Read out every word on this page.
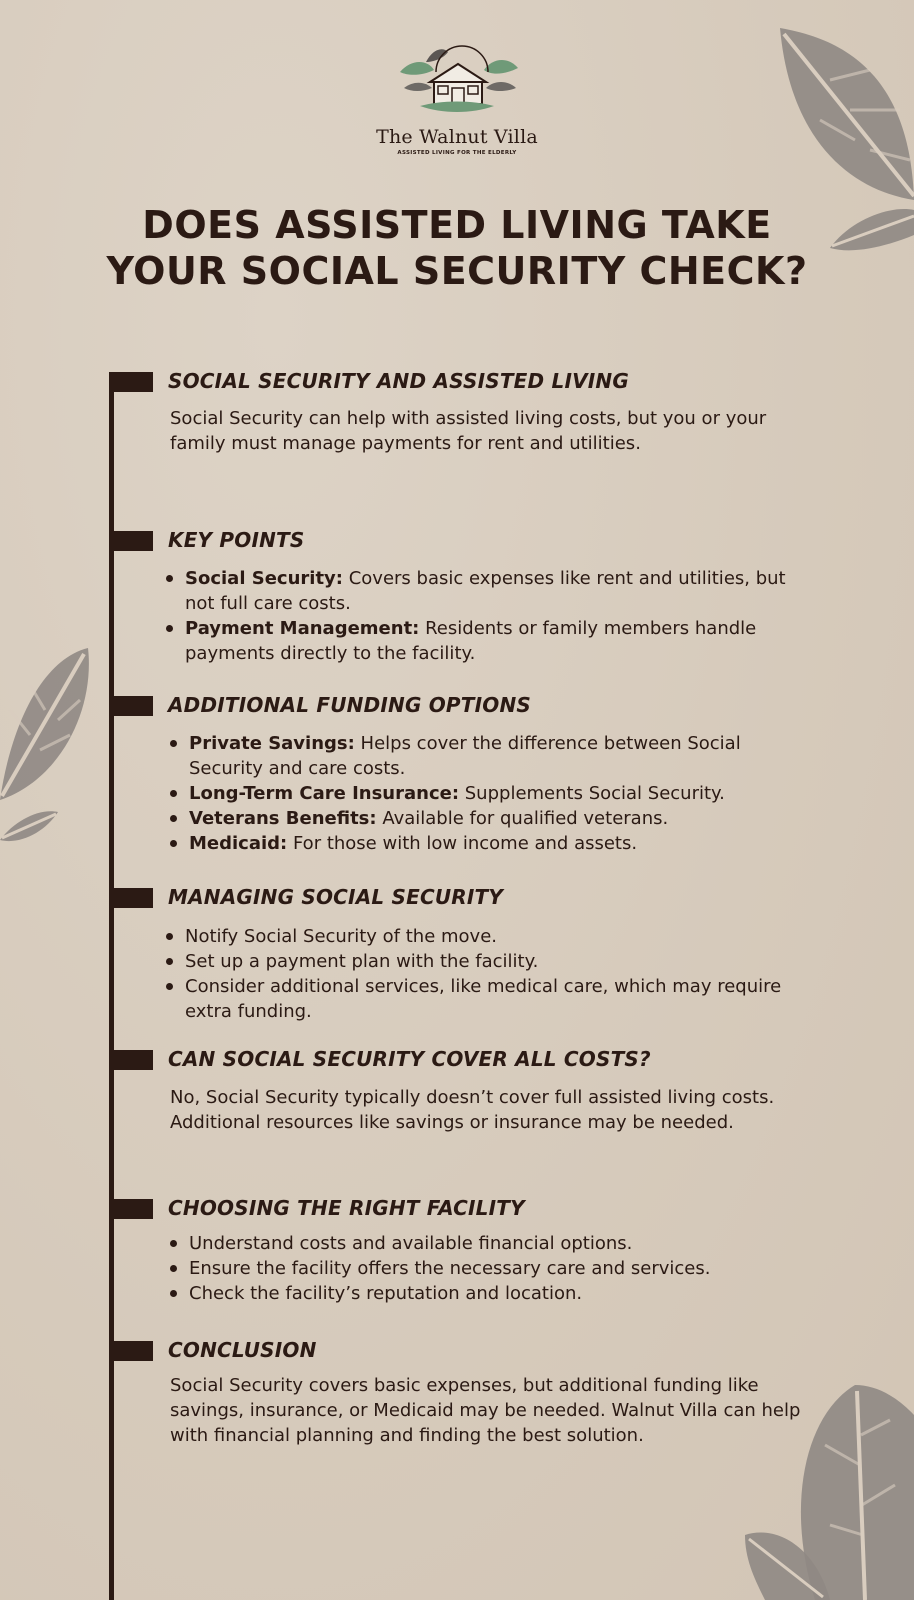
The Walnut Villa
ASSISTED LIVING FOR THE ELDERLY
DOES ASSISTED LIVING TAKE YOUR SOCIAL SECURITY CHECK?
SOCIAL SECURITY AND ASSISTED LIVING

Social Security can help with assisted living costs, but you or your family must manage payments for rent and utilities.

KEY POINTS
Social Security: Covers basic expenses like rent and utilities, but not full care costs.
Payment Management: Residents or family members handle payments directly to the facility.
ADDITIONAL FUNDING OPTIONS
Private Savings: Helps cover the difference between Social Security and care costs.
Long-Term Care Insurance: Supplements Social Security.
Veterans Benefits: Available for qualified veterans.
Medicaid: For those with low income and assets.
MANAGING SOCIAL SECURITY
Notify Social Security of the move.
Set up a payment plan with the facility.
Consider additional services, like medical care, which may require extra funding.
CAN SOCIAL SECURITY COVER ALL COSTS?

No, Social Security typically doesn’t cover full assisted living costs. Additional resources like savings or insurance may be needed.

CHOOSING THE RIGHT FACILITY
Understand costs and available financial options.
Ensure the facility offers the necessary care and services.
Check the facility’s reputation and location.
CONCLUSION

Social Security covers basic expenses, but additional funding like savings, insurance, or Medicaid may be needed. Walnut Villa can help with financial planning and finding the best solution.
